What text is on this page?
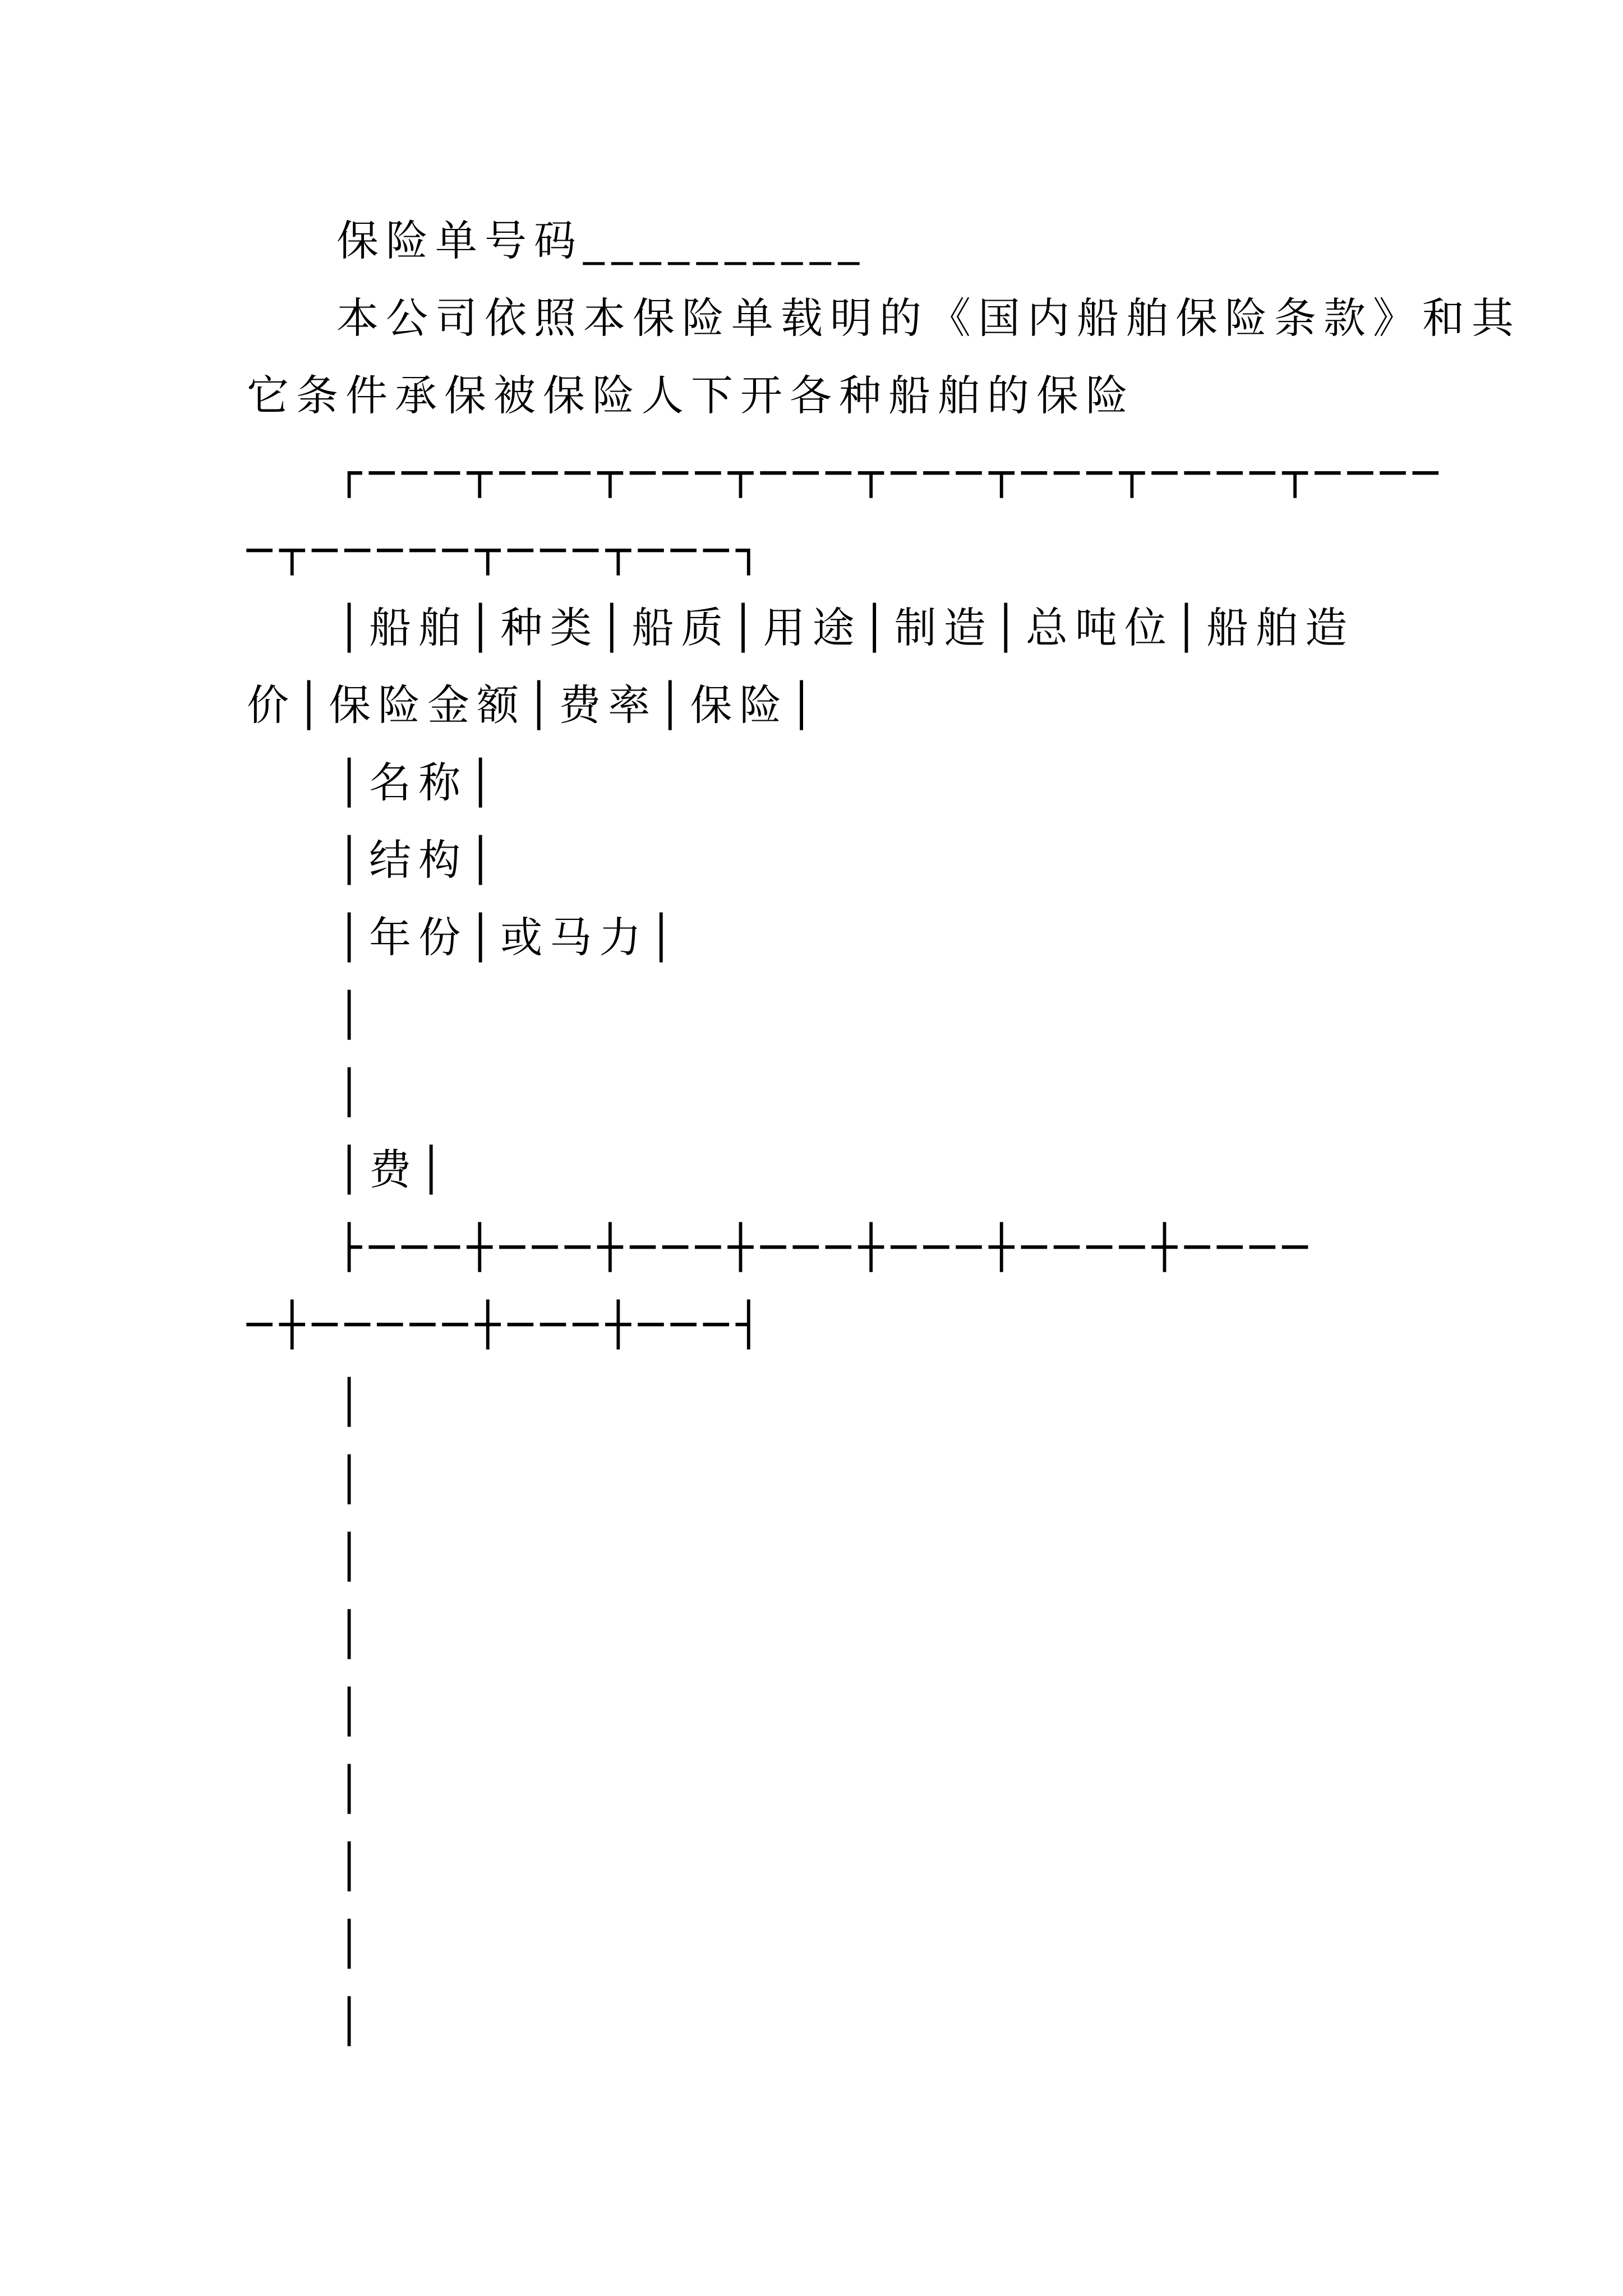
保险单号码__________

本公司依照本保险单载明的《国内船舶保险条款》和其

它条件承保被保险人下开各种船舶的保险

┌───┬───┬───┬───┬───┬───┬────┬────

─┬─────┬───┬───┐

│船舶│种类│船质│用途│制造│总吨位│船舶造

价│保险金额│费率│保险│

│名称│

│结构│

│年份│或马力│

│

│

│费│

├───┼───┼───┼───┼───┼────┼────

─┼─────┼───┼───┤

│

│

│

│

│

│

│

│

│
